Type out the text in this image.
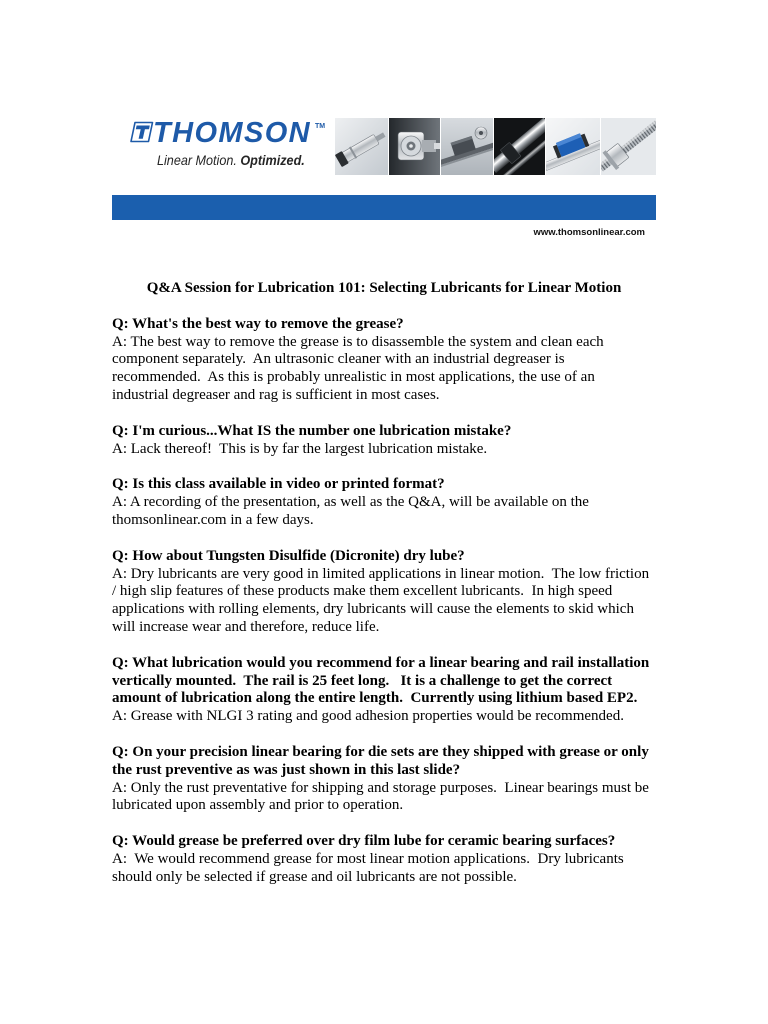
THOMSON TM
Linear Motion. Optimized.
www.thomsonlinear.com
Q&A Session for Lubrication 101: Selecting Lubricants for Linear Motion
Q: What's the best way to remove the grease?
A: The best way to remove the grease is to disassemble the system and clean each
component separately.  An ultrasonic cleaner with an industrial degreaser is
recommended.  As this is probably unrealistic in most applications, the use of an
industrial degreaser and rag is sufficient in most cases.
Q: I'm curious...What IS the number one lubrication mistake?
A: Lack thereof!  This is by far the largest lubrication mistake.
Q: Is this class available in video or printed format?
A: A recording of the presentation, as well as the Q&A, will be available on the
thomsonlinear.com in a few days.
Q: How about Tungsten Disulfide (Dicronite) dry lube?
A: Dry lubricants are very good in limited applications in linear motion.  The low friction
/ high slip features of these products make them excellent lubricants.  In high speed
applications with rolling elements, dry lubricants will cause the elements to skid which
will increase wear and therefore, reduce life.
Q: What lubrication would you recommend for a linear bearing and rail installation
vertically mounted.  The rail is 25 feet long.   It is a challenge to get the correct
amount of lubrication along the entire length.  Currently using lithium based EP2.
A: Grease with NLGI 3 rating and good adhesion properties would be recommended.
Q: On your precision linear bearing for die sets are they shipped with grease or only
the rust preventive as was just shown in this last slide?
A: Only the rust preventative for shipping and storage purposes.  Linear bearings must be
lubricated upon assembly and prior to operation.
Q: Would grease be preferred over dry film lube for ceramic bearing surfaces?
A:  We would recommend grease for most linear motion applications.  Dry lubricants
should only be selected if grease and oil lubricants are not possible.
